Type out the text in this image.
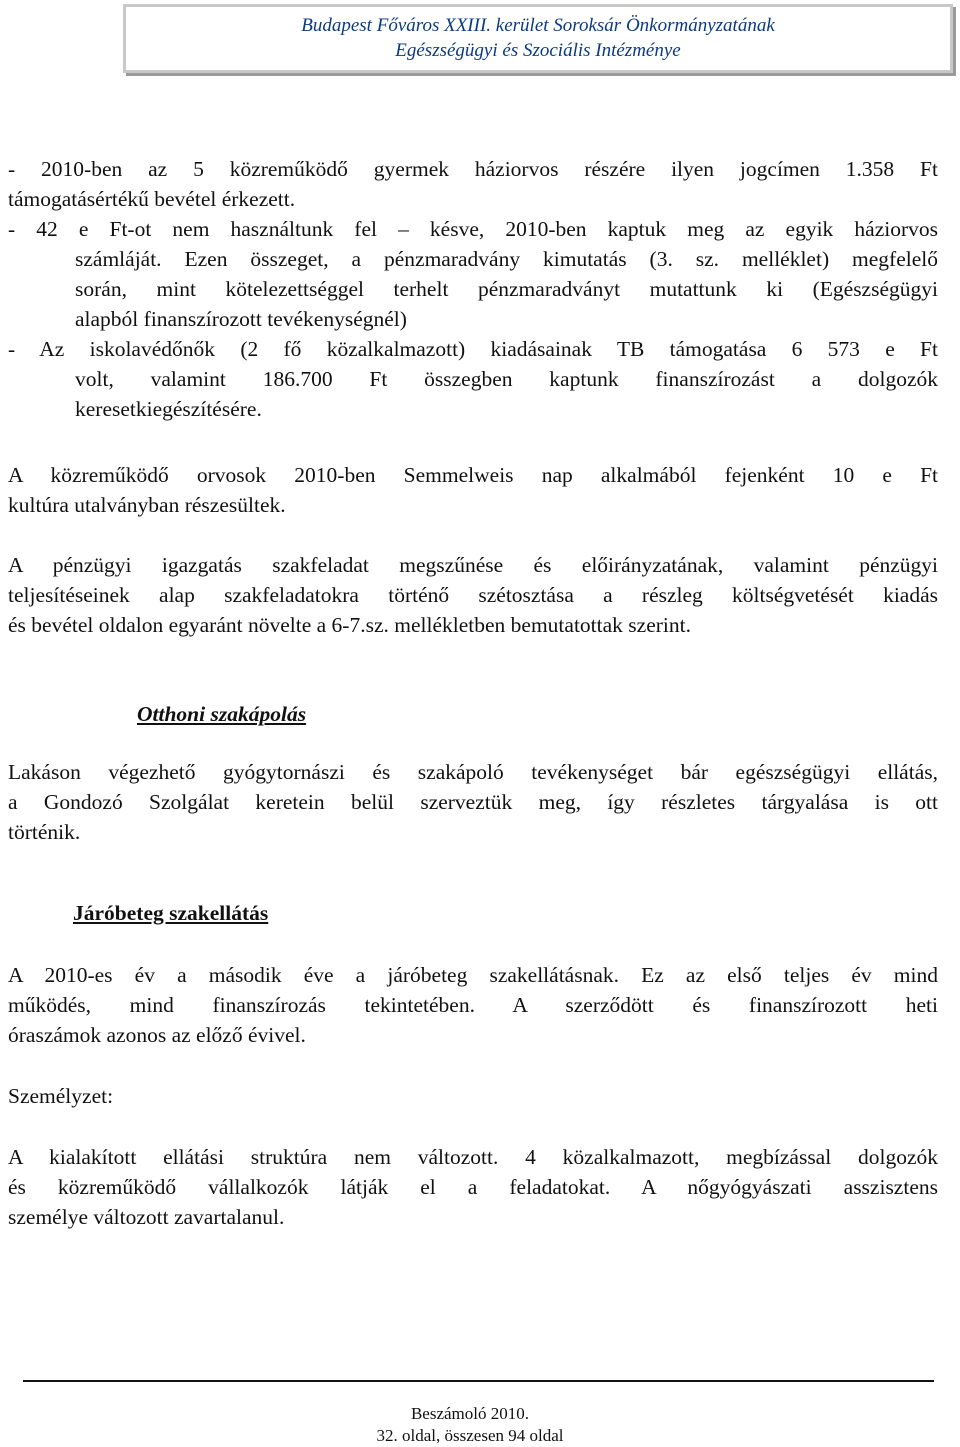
Budapest Főváros XXIII. kerület Soroksár Önkormányzatának
Egészségügyi és Szociális Intézménye
- 2010-ben az 5 közreműködő gyermek háziorvos részére ilyen jogcímen 1.358 Ft
támogatásértékű bevétel érkezett.
- 42 e Ft-ot nem használtunk fel – késve, 2010-ben kaptuk meg az egyik háziorvos
számláját. Ezen összeget, a pénzmaradvány kimutatás (3. sz. melléklet) megfelelő
során, mint kötelezettséggel terhelt pénzmaradványt mutattunk ki (Egészségügyi
alapból finanszírozott tevékenységnél)
- Az iskolavédőnők (2 fő közalkalmazott) kiadásainak TB támogatása 6 573 e Ft
volt, valamint 186.700 Ft összegben kaptunk finanszírozást a dolgozók
keresetkiegészítésére.
A közreműködő orvosok 2010-ben Semmelweis nap alkalmából fejenként 10 e Ft
kultúra utalványban részesültek.
A pénzügyi igazgatás szakfeladat megszűnése és előirányzatának, valamint pénzügyi
teljesítéseinek alap szakfeladatokra történő szétosztása a részleg költségvetését kiadás
és bevétel oldalon egyaránt növelte a 6-7.sz. mellékletben bemutatottak szerint.
Otthoni szakápolás
Lakáson végezhető gyógytornászi és szakápoló tevékenységet bár egészségügyi ellátás,
a Gondozó Szolgálat keretein belül szerveztük meg, így részletes tárgyalása is ott
történik.
Járóbeteg szakellátás
A 2010-es év a második éve a járóbeteg szakellátásnak. Ez az első teljes év mind
működés, mind finanszírozás tekintetében. A szerződött és finanszírozott heti
óraszámok azonos az előző évivel.
Személyzet:
A kialakított ellátási struktúra nem változott. 4 közalkalmazott, megbízással dolgozók
és közreműködő vállalkozók látják el a feladatokat. A nőgyógyászati asszisztens
személye változott zavartalanul.
Beszámoló 2010.
32. oldal, összesen 94 oldal
